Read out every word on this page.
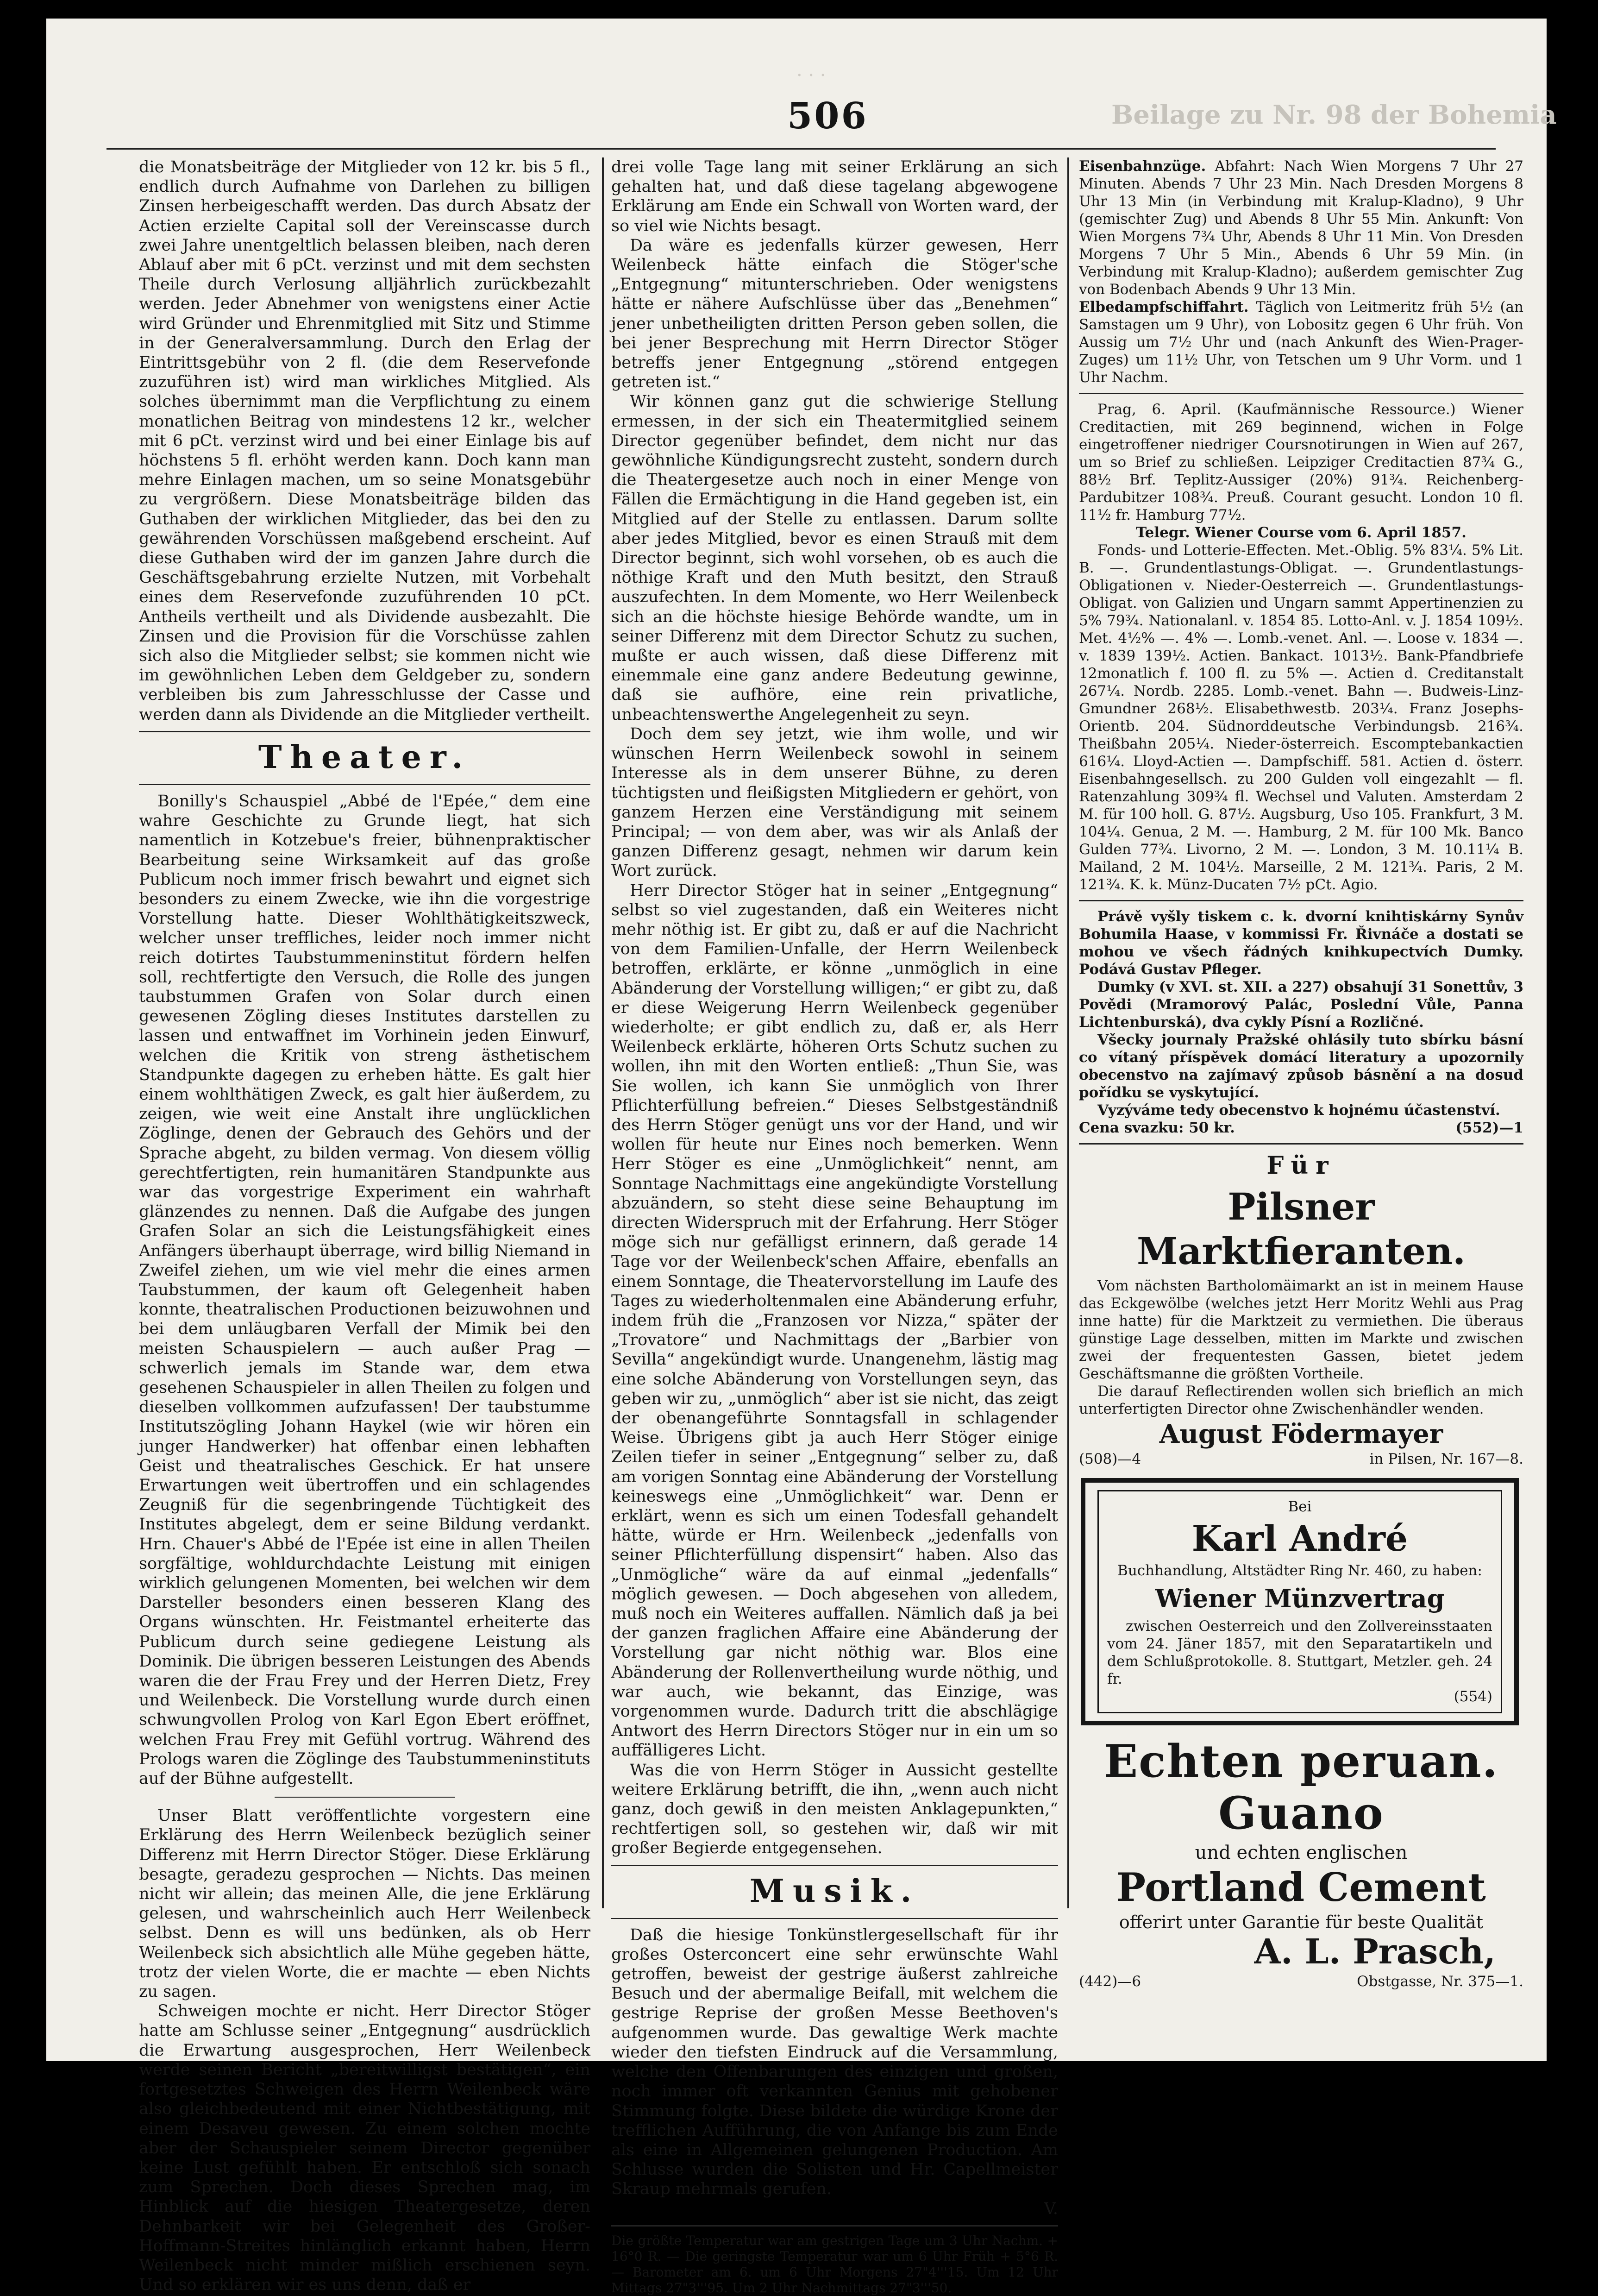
· · ·
506	Beilage zu Nr. 98 der Bohemia

die Monatsbeiträge der Mitglieder von 12 kr. bis 5 fl., endlich durch Aufnahme von Darlehen zu billigen Zinsen herbeigeschafft werden. Das durch Absatz der Actien erzielte Capital soll der Vereinscasse durch zwei Jahre unentgeltlich belassen bleiben, nach deren Ablauf aber mit 6 pCt. verzinst und mit dem sechsten Theile durch Verlosung alljährlich zurückbezahlt werden. Jeder Abnehmer von wenigstens einer Actie wird Gründer und Ehrenmitglied mit Sitz und Stimme in der Generalversammlung. Durch den Erlag der Eintrittsgebühr von 2 fl. (die dem Reservefonde zuzuführen ist) wird man wirkliches Mitglied. Als solches übernimmt man die Verpflichtung zu einem monatlichen Beitrag von mindestens 12 kr., welcher mit 6 pCt. verzinst wird und bei einer Einlage bis auf höchstens 5 fl. erhöht werden kann. Doch kann man mehre Einlagen machen, um so seine Monatsgebühr zu vergrößern. Diese Monatsbeiträge bilden das Guthaben der wirklichen Mitglieder, das bei den zu gewährenden Vorschüssen maßgebend erscheint. Auf diese Guthaben wird der im ganzen Jahre durch die Geschäftsgebahrung erzielte Nutzen, mit Vorbehalt eines dem Reservefonde zuzuführenden 10 pCt. Antheils vertheilt und als Dividende ausbezahlt. Die Zinsen und die Provision für die Vorschüsse zahlen sich also die Mitglieder selbst; sie kommen nicht wie im gewöhnlichen Leben dem Geldgeber zu, sondern verbleiben bis zum Jahresschlusse der Casse und werden dann als Dividende an die Mitglieder vertheilt.

Theater.

Bonilly's Schauspiel „Abbé de l'Epée,“ dem eine wahre Geschichte zu Grunde liegt, hat sich namentlich in Kotzebue's freier, bühnenpraktischer Bearbeitung seine Wirksamkeit auf das große Publicum noch immer frisch bewahrt und eignet sich besonders zu einem Zwecke, wie ihn die vorgestrige Vorstellung hatte. Dieser Wohlthätigkeitszweck, welcher unser treffliches, leider noch immer nicht reich dotirtes Taubstummeninstitut fördern helfen soll, rechtfertigte den Versuch, die Rolle des jungen taubstummen Grafen von Solar durch einen gewesenen Zögling dieses Institutes darstellen zu lassen und entwaffnet im Vorhinein jeden Einwurf, welchen die Kritik von streng ästhetischem Standpunkte dagegen zu erheben hätte. Es galt hier einem wohlthätigen Zweck, es galt hier äußerdem, zu zeigen, wie weit eine Anstalt ihre unglücklichen Zöglinge, denen der Gebrauch des Gehörs und der Sprache abgeht, zu bilden vermag. Von diesem völlig gerechtfertigten, rein humanitären Standpunkte aus war das vorgestrige Experiment ein wahrhaft glänzendes zu nennen. Daß die Aufgabe des jungen Grafen Solar an sich die Leistungsfähigkeit eines Anfängers überhaupt überrage, wird billig Niemand in Zweifel ziehen, um wie viel mehr die eines armen Taubstummen, der kaum oft Gelegenheit haben konnte, theatralischen Productionen beizuwohnen und bei dem unläugbaren Verfall der Mimik bei den meisten Schauspielern — auch außer Prag — schwerlich jemals im Stande war, dem etwa gesehenen Schauspieler in allen Theilen zu folgen und dieselben vollkommen aufzufassen! Der taubstumme Institutszögling Johann Haykel (wie wir hören ein junger Handwerker) hat offenbar einen lebhaften Geist und theatralisches Geschick. Er hat unsere Erwartungen weit übertroffen und ein schlagendes Zeugniß für die segenbringende Tüchtigkeit des Institutes abgelegt, dem er seine Bildung verdankt. Hrn. Chauer's Abbé de l'Epée ist eine in allen Theilen sorgfältige, wohldurchdachte Leistung mit einigen wirklich gelungenen Momenten, bei welchen wir dem Darsteller besonders einen besseren Klang des Organs wünschten. Hr. Feistmantel erheiterte das Publicum durch seine gediegene Leistung als Dominik. Die übrigen besseren Leistungen des Abends waren die der Frau Frey und der Herren Dietz, Frey und Weilenbeck. Die Vorstellung wurde durch einen schwungvollen Prolog von Karl Egon Ebert eröffnet, welchen Frau Frey mit Gefühl vortrug. Während des Prologs waren die Zöglinge des Taubstummeninstituts auf der Bühne aufgestellt.

Unser Blatt veröffentlichte vorgestern eine Erklärung des Herrn Weilenbeck bezüglich seiner Differenz mit Herrn Director Stöger. Diese Erklärung besagte, geradezu gesprochen — Nichts. Das meinen nicht wir allein; das meinen Alle, die jene Erklärung gelesen, und wahrscheinlich auch Herr Weilenbeck selbst. Denn es will uns bedünken, als ob Herr Weilenbeck sich absichtlich alle Mühe gegeben hätte, trotz der vielen Worte, die er machte — eben Nichts zu sagen.

Schweigen mochte er nicht. Herr Director Stöger hatte am Schlusse seiner „Entgegnung“ ausdrücklich die Erwartung ausgesprochen, Herr Weilenbeck werde seinen Bericht „bereitwilligst bestätigen“, ein fortgesetztes Schweigen des Herrn Weilenbeck wäre also gleichbedeutend mit einer Nichtbestätigung, mit einem Desaveu gewesen. Zu einem solchen mochte aber der Schauspieler seinem Director gegenüber keine Lust gefühlt haben. Er entschloß sich sonach zum Sprechen. Doch dieses Sprechen mag, im Hinblick auf die hiesigen Theatergesetze, deren Dehnbarkeit wir bei Gelegenheit des Großer-Hoffmann-Streites hinlänglich erkannt haben, Herrn Weilenbeck nicht minder mißlich erschienen seyn. Und so erklären wir es uns denn, daß er

drei volle Tage lang mit seiner Erklärung an sich gehalten hat, und daß diese tagelang abgewogene Erklärung am Ende ein Schwall von Worten ward, der so viel wie Nichts besagt.

Da wäre es jedenfalls kürzer gewesen, Herr Weilenbeck hätte einfach die Stöger'sche „Entgegnung“ mitunterschrieben. Oder wenigstens hätte er nähere Aufschlüsse über das „Benehmen“ jener unbetheiligten dritten Person geben sollen, die bei jener Besprechung mit Herrn Director Stöger betreffs jener Entgegnung „störend entgegen getreten ist.“

Wir können ganz gut die schwierige Stellung ermessen, in der sich ein Theatermitglied seinem Director gegenüber befindet, dem nicht nur das gewöhnliche Kündigungsrecht zusteht, sondern durch die Theatergesetze auch noch in einer Menge von Fällen die Ermächtigung in die Hand gegeben ist, ein Mitglied auf der Stelle zu entlassen. Darum sollte aber jedes Mitglied, bevor es einen Strauß mit dem Director beginnt, sich wohl vorsehen, ob es auch die nöthige Kraft und den Muth besitzt, den Strauß auszufechten. In dem Momente, wo Herr Weilenbeck sich an die höchste hiesige Behörde wandte, um in seiner Differenz mit dem Director Schutz zu suchen, mußte er auch wissen, daß diese Differenz mit einemmale eine ganz andere Bedeutung gewinne, daß sie aufhöre, eine rein privatliche, unbeachtenswerthe Angelegenheit zu seyn.

Doch dem sey jetzt, wie ihm wolle, und wir wünschen Herrn Weilenbeck sowohl in seinem Interesse als in dem unserer Bühne, zu deren tüchtigsten und fleißigsten Mitgliedern er gehört, von ganzem Herzen eine Verständigung mit seinem Principal; — von dem aber, was wir als Anlaß der ganzen Differenz gesagt, nehmen wir darum kein Wort zurück.

Herr Director Stöger hat in seiner „Entgegnung“ selbst so viel zugestanden, daß ein Weiteres nicht mehr nöthig ist. Er gibt zu, daß er auf die Nachricht von dem Familien-Unfalle, der Herrn Weilenbeck betroffen, erklärte, er könne „unmöglich in eine Abänderung der Vorstellung willigen;“ er gibt zu, daß er diese Weigerung Herrn Weilenbeck gegenüber wiederholte; er gibt endlich zu, daß er, als Herr Weilenbeck erklärte, höheren Orts Schutz suchen zu wollen, ihn mit den Worten entließ: „Thun Sie, was Sie wollen, ich kann Sie unmöglich von Ihrer Pflichterfüllung befreien.“ Dieses Selbstgeständniß des Herrn Stöger genügt uns vor der Hand, und wir wollen für heute nur Eines noch bemerken. Wenn Herr Stöger es eine „Unmöglichkeit“ nennt, am Sonntage Nachmittags eine angekündigte Vorstellung abzuändern, so steht diese seine Behauptung im directen Widerspruch mit der Erfahrung. Herr Stöger möge sich nur gefälligst erinnern, daß gerade 14 Tage vor der Weilenbeck'schen Affaire, ebenfalls an einem Sonntage, die Theatervorstellung im Laufe des Tages zu wiederholtenmalen eine Abänderung erfuhr, indem früh die „Franzosen vor Nizza,“ später der „Trovatore“ und Nachmittags der „Barbier von Sevilla“ angekündigt wurde. Unangenehm, lästig mag eine solche Abänderung von Vorstellungen seyn, das geben wir zu, „unmöglich“ aber ist sie nicht, das zeigt der obenangeführte Sonntagsfall in schlagender Weise. Übrigens gibt ja auch Herr Stöger einige Zeilen tiefer in seiner „Entgegnung“ selber zu, daß am vorigen Sonntag eine Abänderung der Vorstellung keineswegs eine „Unmöglichkeit“ war. Denn er erklärt, wenn es sich um einen Todesfall gehandelt hätte, würde er Hrn. Weilenbeck „jedenfalls von seiner Pflichterfüllung dispensirt“ haben. Also das „Unmögliche“ wäre da auf einmal „jedenfalls“ möglich gewesen. — Doch abgesehen von alledem, muß noch ein Weiteres auffallen. Nämlich daß ja bei der ganzen fraglichen Affaire eine Abänderung der Vorstellung gar nicht nöthig war. Blos eine Abänderung der Rollenvertheilung wurde nöthig, und war auch, wie bekannt, das Einzige, was vorgenommen wurde. Dadurch tritt die abschlägige Antwort des Herrn Directors Stöger nur in ein um so auffälligeres Licht.

Was die von Herrn Stöger in Aussicht gestellte weitere Erklärung betrifft, die ihn, „wenn auch nicht ganz, doch gewiß in den meisten Anklagepunkten,“ rechtfertigen soll, so gestehen wir, daß wir mit großer Begierde entgegensehen.

Musik.

Daß die hiesige Tonkünstlergesellschaft für ihr großes Osterconcert eine sehr erwünschte Wahl getroffen, beweist der gestrige äußerst zahlreiche Besuch und der abermalige Beifall, mit welchem die gestrige Reprise der großen Messe Beethoven's aufgenommen wurde. Das gewaltige Werk machte wieder den tiefsten Eindruck auf die Versammlung, welche den Offenbarungen des einzigen und großen, noch immer oft verkannten Genius mit gehobener Stimmung folgte. Diese bildete die würdige Krone der trefflichen Aufführung, die von Anfange bis zum Ende als eine in Allgemeinen gelungenen Production. Am Schlusse wurden die Solisten und Hr. Capellmeister Skraup mehrmals gerufen.

V.
Die größte Temperatur war am gestrigen Tage um 3 Uhr Nachm. + 16°0 R. — Die geringste Temperatur war um 6 Uhr Früh + 5°6 R. — Barometer am 6. um 6 Uhr Morgens 27"4'''15. Um 12 Uhr Mittags 27"3'''95. Um 2 Uhr Nachmittags 27"3'''50.

Eisenbahnzüge. Abfahrt: Nach Wien Morgens 7 Uhr 27 Minuten. Abends 7 Uhr 23 Min. Nach Dresden Morgens 8 Uhr 13 Min (in Verbindung mit Kralup-Kladno), 9 Uhr (gemischter Zug) und Abends 8 Uhr 55 Min. Ankunft: Von Wien Morgens 7¾ Uhr, Abends 8 Uhr 11 Min. Von Dresden Morgens 7 Uhr 5 Min., Abends 6 Uhr 59 Min. (in Verbindung mit Kralup-Kladno); außerdem gemischter Zug von Bodenbach Abends 9 Uhr 13 Min.

Elbedampfschiffahrt. Täglich von Leitmeritz früh 5½ (an Samstagen um 9 Uhr), von Lobositz gegen 6 Uhr früh. Von Aussig um 7½ Uhr und (nach Ankunft des Wien-Prager-Zuges) um 11½ Uhr, von Tetschen um 9 Uhr Vorm. und 1 Uhr Nachm.

Prag, 6. April. (Kaufmännische Ressource.) Wiener Creditactien, mit 269 beginnend, wichen in Folge eingetroffener niedriger Coursnotirungen in Wien auf 267, um so Brief zu schließen. Leipziger Creditactien 87¾ G., 88½ Brf. Teplitz-Aussiger (20%) 91¾. Reichenberg-Pardubitzer 108¾. Preuß. Courant gesucht. London 10 fl. 11½ fr. Hamburg 77½.

Telegr. Wiener Course vom 6. April 1857.

Fonds- und Lotterie-Effecten. Met.-Oblig. 5% 83¼. 5% Lit. B. —. Grundentlastungs-Obligat. —. Grundentlastungs-Obligationen v. Nieder-Oesterreich —. Grundentlastungs-Obligat. von Galizien und Ungarn sammt Appertinenzien zu 5% 79¾. Nationalanl. v. 1854 85. Lotto-Anl. v. J. 1854 109½. Met. 4½% —. 4% —. Lomb.-venet. Anl. —. Loose v. 1834 —. v. 1839 139½. Actien. Bankact. 1013½. Bank-Pfandbriefe 12monatlich f. 100 fl. zu 5% —. Actien d. Creditanstalt 267¼. Nordb. 2285. Lomb.-venet. Bahn —. Budweis-Linz-Gmundner 268½. Elisabethwestb. 203¼. Franz Josephs-Orientb. 204. Südnorddeutsche Verbindungsb. 216¾. Theißbahn 205¼. Nieder-österreich. Escomptebankactien 616¼. Lloyd-Actien —. Dampfschiff. 581. Actien d. österr. Eisenbahngesellsch. zu 200 Gulden voll eingezahlt — fl. Ratenzahlung 309¾ fl. Wechsel und Valuten. Amsterdam 2 M. für 100 holl. G. 87½. Augsburg, Uso 105. Frankfurt, 3 M. 104¼. Genua, 2 M. —. Hamburg, 2 M. für 100 Mk. Banco Gulden 77¾. Livorno, 2 M. —. London, 3 M. 10.11¼ B. Mailand, 2 M. 104½. Marseille, 2 M. 121¾. Paris, 2 M. 121¾. K. k. Münz-Ducaten 7½ pCt. Agio.

Právě vyšly tiskem c. k. dvorní knihtiskárny Synův Bohumila Haase, v kommissi Fr. Řivnáče a dostati se mohou ve všech řádných knihkupectvích Dumky. Podává Gustav Pfleger.

Dumky (v XVI. st. XII. a 227) obsahují 31 Sonettův, 3 Povědi (Mramorový Palác, Poslední Vůle, Panna Lichtenburská), dva cykly Písní a Rozličné.

Všecky journaly Pražské ohlásily tuto sbírku básní co vítaný příspěvek domácí literatury a upozornily obecenstvo na zajímavý způsob básnění a na dosud pořídku se vyskytující.

Vyzýváme tedy obecenstvo k hojnému účastenství.

Cena svazku: 50 kr.	(552)—1
Für
Pilsner Marktfieranten.

Vom nächsten Bartholomäimarkt an ist in meinem Hause das Eckgewölbe (welches jetzt Herr Moritz Wehli aus Prag inne hatte) für die Marktzeit zu vermiethen. Die überaus günstige Lage desselben, mitten im Markte und zwischen zwei der frequentesten Gassen, bietet jedem Geschäftsmanne die größten Vortheile.

Die darauf Reflectirenden wollen sich brieflich an mich unterfertigten Director ohne Zwischenhändler wenden.

August Födermayer
(508)—4	in Pilsen, Nr. 167—8.
Bei
Karl André
Buchhandlung, Altstädter Ring Nr. 460, zu haben:
Wiener Münzvertrag

zwischen Oesterreich und den Zollvereinsstaaten vom 24. Jäner 1857, mit den Separatartikeln und dem Schlußprotokolle. 8. Stuttgart, Metzler. geh. 24 fr.

(554)
Echten peruan. Guano
und echten englischen
Portland Cement
offerirt unter Garantie für beste Qualität
A. L. Prasch,
(442)—6	Obstgasse, Nr. 375—1.
